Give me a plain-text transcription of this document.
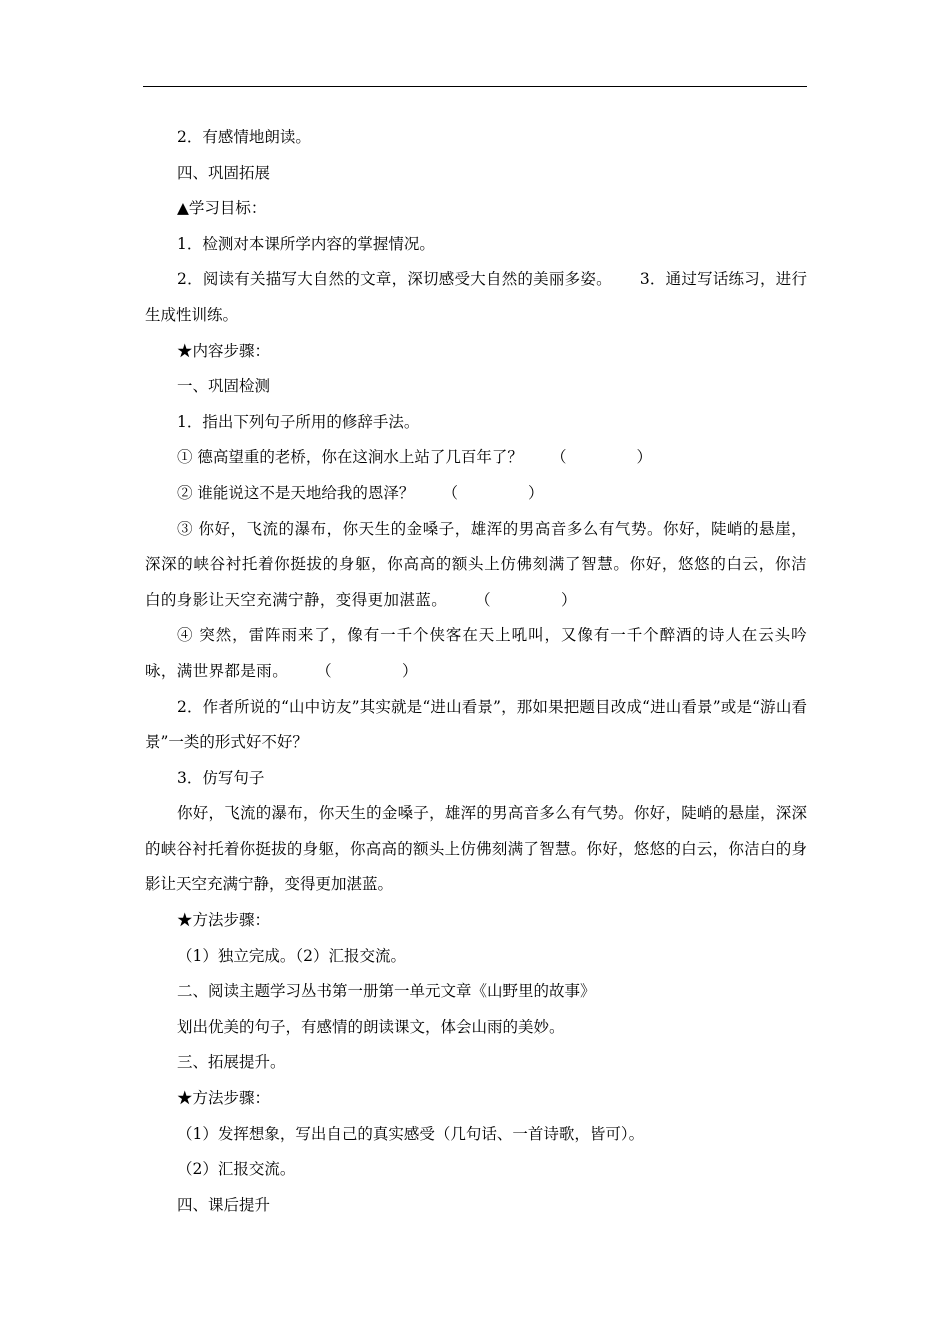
2．有感情地朗读。

四、巩固拓展

▲学习目标：

1．检测对本课所学内容的掌握情况。

2．阅读有关描写大自然的文章，深切感受大自然的美丽多姿。 3．通过写话练习，进行生成性训练。

★内容步骤：

一、巩固检测

1．指出下列句子所用的修辞手法。

① 德高望重的老桥，你在这涧水上站了几百年了？ （	）

② 谁能说这不是天地给我的恩泽？ （	）

③ 你好，飞流的瀑布，你天生的金嗓子，雄浑的男高音多么有气势。你好，陡峭的悬崖，深深的峡谷衬托着你挺拔的身躯，你高高的额头上仿佛刻满了智慧。你好，悠悠的白云，你洁白的身影让天空充满宁静，变得更加湛蓝。 （	）

④ 突然，雷阵雨来了，像有一千个侠客在天上吼叫，又像有一千个醉酒的诗人在云头吟咏，满世界都是雨。 （	）

2．作者所说的“山中访友”其实就是“进山看景”，那如果把题目改成“进山看景”或是“游山看景”一类的形式好不好？

3．仿写句子

你好，飞流的瀑布，你天生的金嗓子，雄浑的男高音多么有气势。你好，陡峭的悬崖，深深的峡谷衬托着你挺拔的身躯，你高高的额头上仿佛刻满了智慧。你好，悠悠的白云，你洁白的身影让天空充满宁静，变得更加湛蓝。

★方法步骤：

（1）独立完成。（2）汇报交流。

二、阅读主题学习丛书第一册第一单元文章《山野里的故事》

划出优美的句子，有感情的朗读课文，体会山雨的美妙。

三、拓展提升。

★方法步骤：

（1）发挥想象，写出自己的真实感受（几句话、一首诗歌，皆可）。

（2）汇报交流。

四、课后提升
